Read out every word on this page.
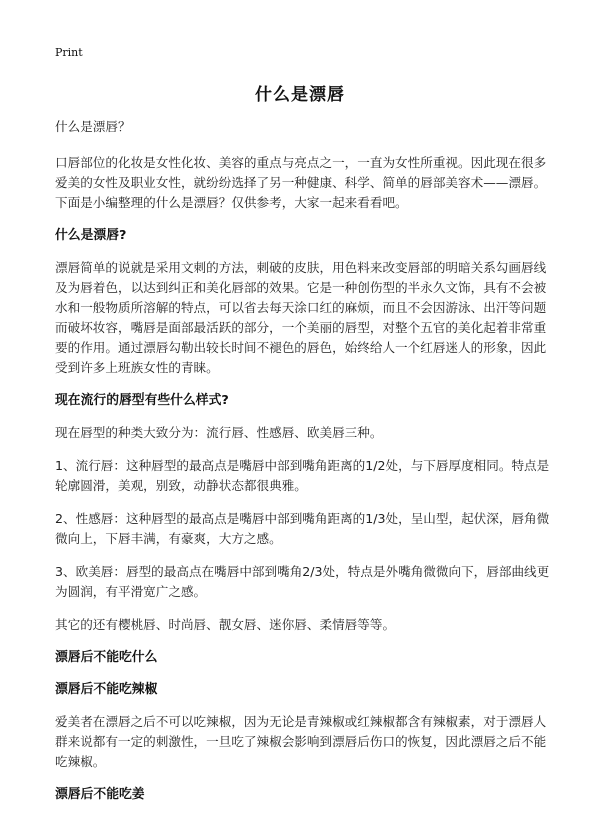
Print
什么是漂唇

什么是漂唇？

口唇部位的化妆是女性化妆、美容的重点与亮点之一，一直为女性所重视。因此现在很多爱美的女性及职业女性，就纷纷选择了另一种健康、科学、简单的唇部美容术——漂唇。下面是小编整理的什么是漂唇？仅供参考，大家一起来看看吧。

什么是漂唇?

漂唇简单的说就是采用文刺的方法，刺破的皮肤，用色料来改变唇部的明暗关系勾画唇线及为唇着色，以达到纠正和美化唇部的效果。它是一种创伤型的半永久文饰，具有不会被水和一般物质所溶解的特点，可以省去每天涂口红的麻烦，而且不会因游泳、出汗等问题而破坏妆容，嘴唇是面部最活跃的部分，一个美丽的唇型，对整个五官的美化起着非常重要的作用。通过漂唇勾勒出较长时间不褪色的唇色，始终给人一个红唇迷人的形象，因此受到许多上班族女性的青睐。

现在流行的唇型有些什么样式?

现在唇型的种类大致分为：流行唇、性感唇、欧美唇三种。

1、流行唇：这种唇型的最高点是嘴唇中部到嘴角距离的1/2处，与下唇厚度相同。特点是轮廓圆滑，美观，别致，动静状态都很典雅。

2、性感唇：这种唇型的最高点是嘴唇中部到嘴角距离的1/3处，呈山型，起伏深，唇角微微向上，下唇丰满，有豪爽，大方之感。

3、欧美唇：唇型的最高点在嘴唇中部到嘴角2/3处，特点是外嘴角微微向下，唇部曲线更为圆润，有平滑宽广之感。

其它的还有樱桃唇、时尚唇、靓女唇、迷你唇、柔情唇等等。

漂唇后不能吃什么
漂唇后不能吃辣椒

爱美者在漂唇之后不可以吃辣椒，因为无论是青辣椒或红辣椒都含有辣椒素，对于漂唇人群来说都有一定的刺激性，一旦吃了辣椒会影响到漂唇后伤口的恢复，因此漂唇之后不能吃辣椒。

漂唇后不能吃姜
